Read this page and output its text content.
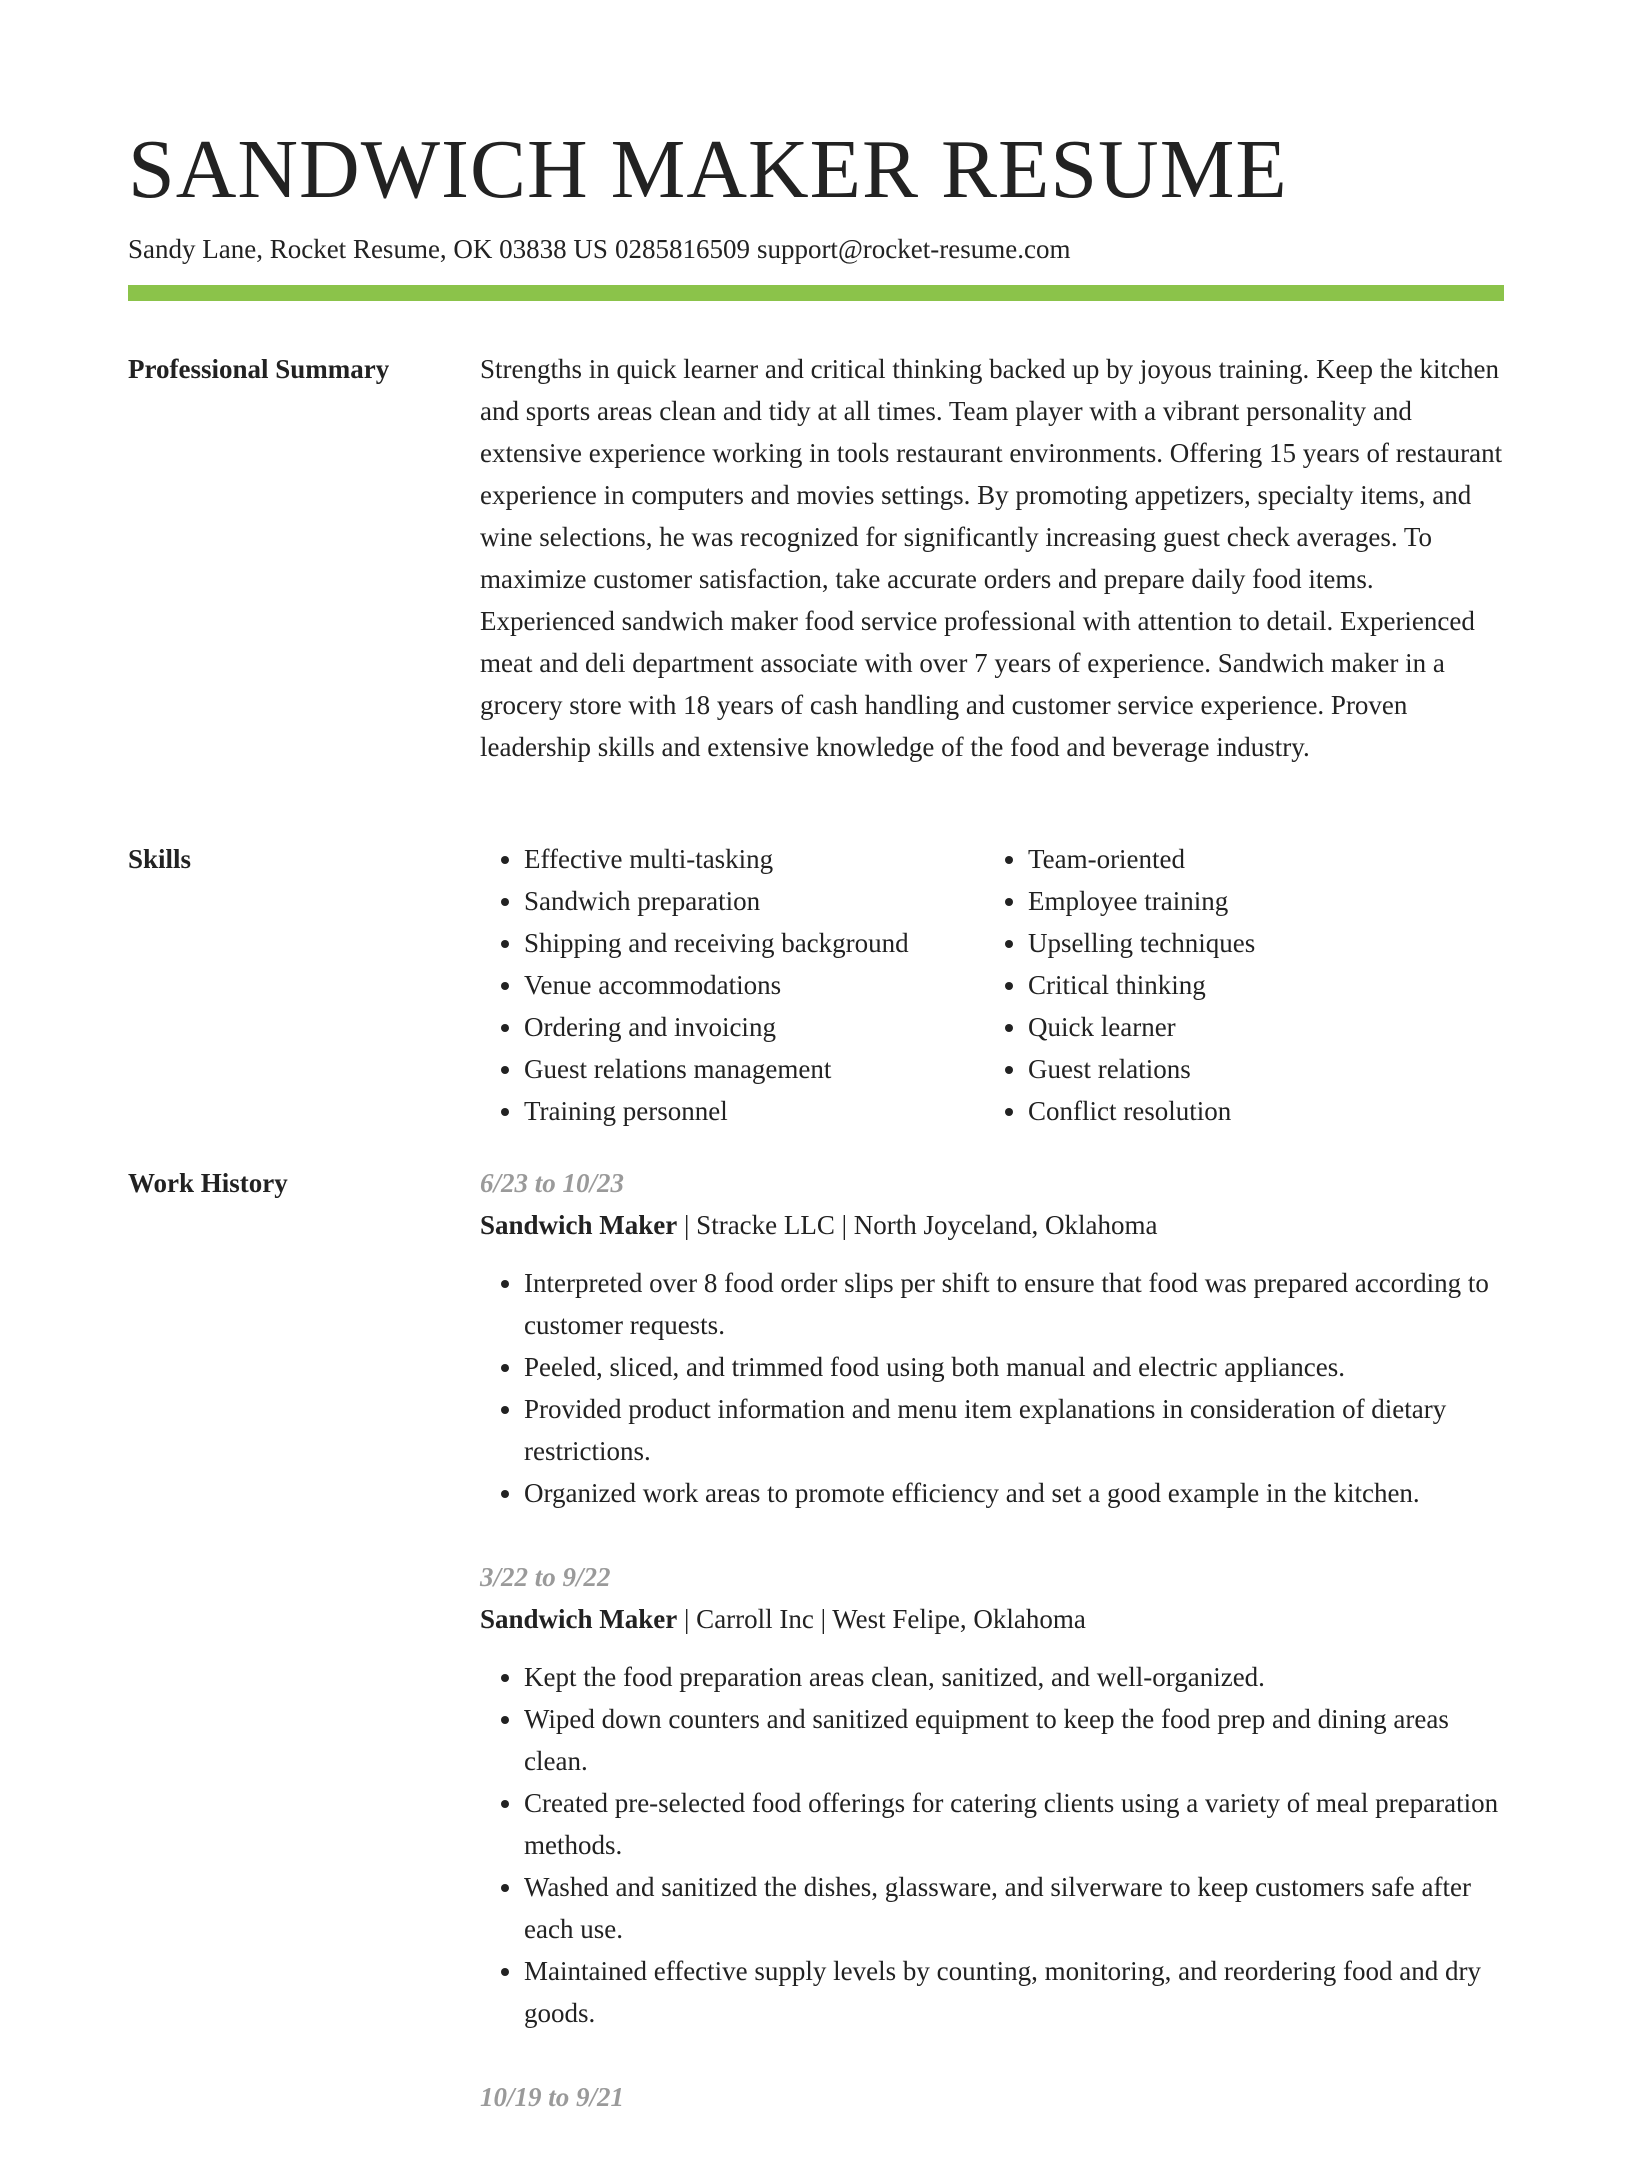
SANDWICH MAKER RESUME
Sandy Lane, Rocket Resume, OK 03838 US 0285816509 support@rocket-resume.com
Professional Summary	Strengths in quick learner and critical thinking backed up by joyous training. Keep the kitchen and sports areas clean and tidy at all times. Team player with a vibrant personality and extensive experience working in tools restaurant environments. Offering 15 years of restaurant experience in computers and movies settings. By promoting appetizers, specialty items, and wine selections, he was recognized for significantly increasing guest check averages. To maximize customer satisfaction, take accurate orders and prepare daily food items. Experienced sandwich maker food service professional with attention to detail. Experienced meat and deli department associate with over 7 years of experience. Sandwich maker in a grocery store with 18 years of cash handling and customer service experience. Proven leadership skills and extensive knowledge of the food and beverage industry.

Skills
•	Effective multi-tasking
• Sandwich preparation
• Shipping and receiving background
• Venue accommodations
• Ordering and invoicing
• Guest relations management
• Training personnel
• Team-oriented
• Employee training
• Upselling techniques
• Critical thinking
• Quick learner
• Guest relations
• Conflict resolution
Work History	6/23 to 10/23
Sandwich Maker | Stracke LLC | North Joyceland, Oklahoma
• Interpreted over 8 food order slips per shift to ensure that food was prepared according to customer requests.
• Peeled, sliced, and trimmed food using both manual and electric appliances.
• Provided product information and menu item explanations in consideration of dietary restrictions.
• Organized work areas to promote efficiency and set a good example in the kitchen.
3/22 to 9/22
Sandwich Maker | Carroll Inc | West Felipe, Oklahoma
• Kept the food preparation areas clean, sanitized, and well-organized.
• Wiped down counters and sanitized equipment to keep the food prep and dining areas clean.
• Created pre-selected food offerings for catering clients using a variety of meal preparation methods.
• Washed and sanitized the dishes, glassware, and silverware to keep customers safe after each use.
• Maintained effective supply levels by counting, monitoring, and reordering food and dry goods.
10/19 to 9/21
